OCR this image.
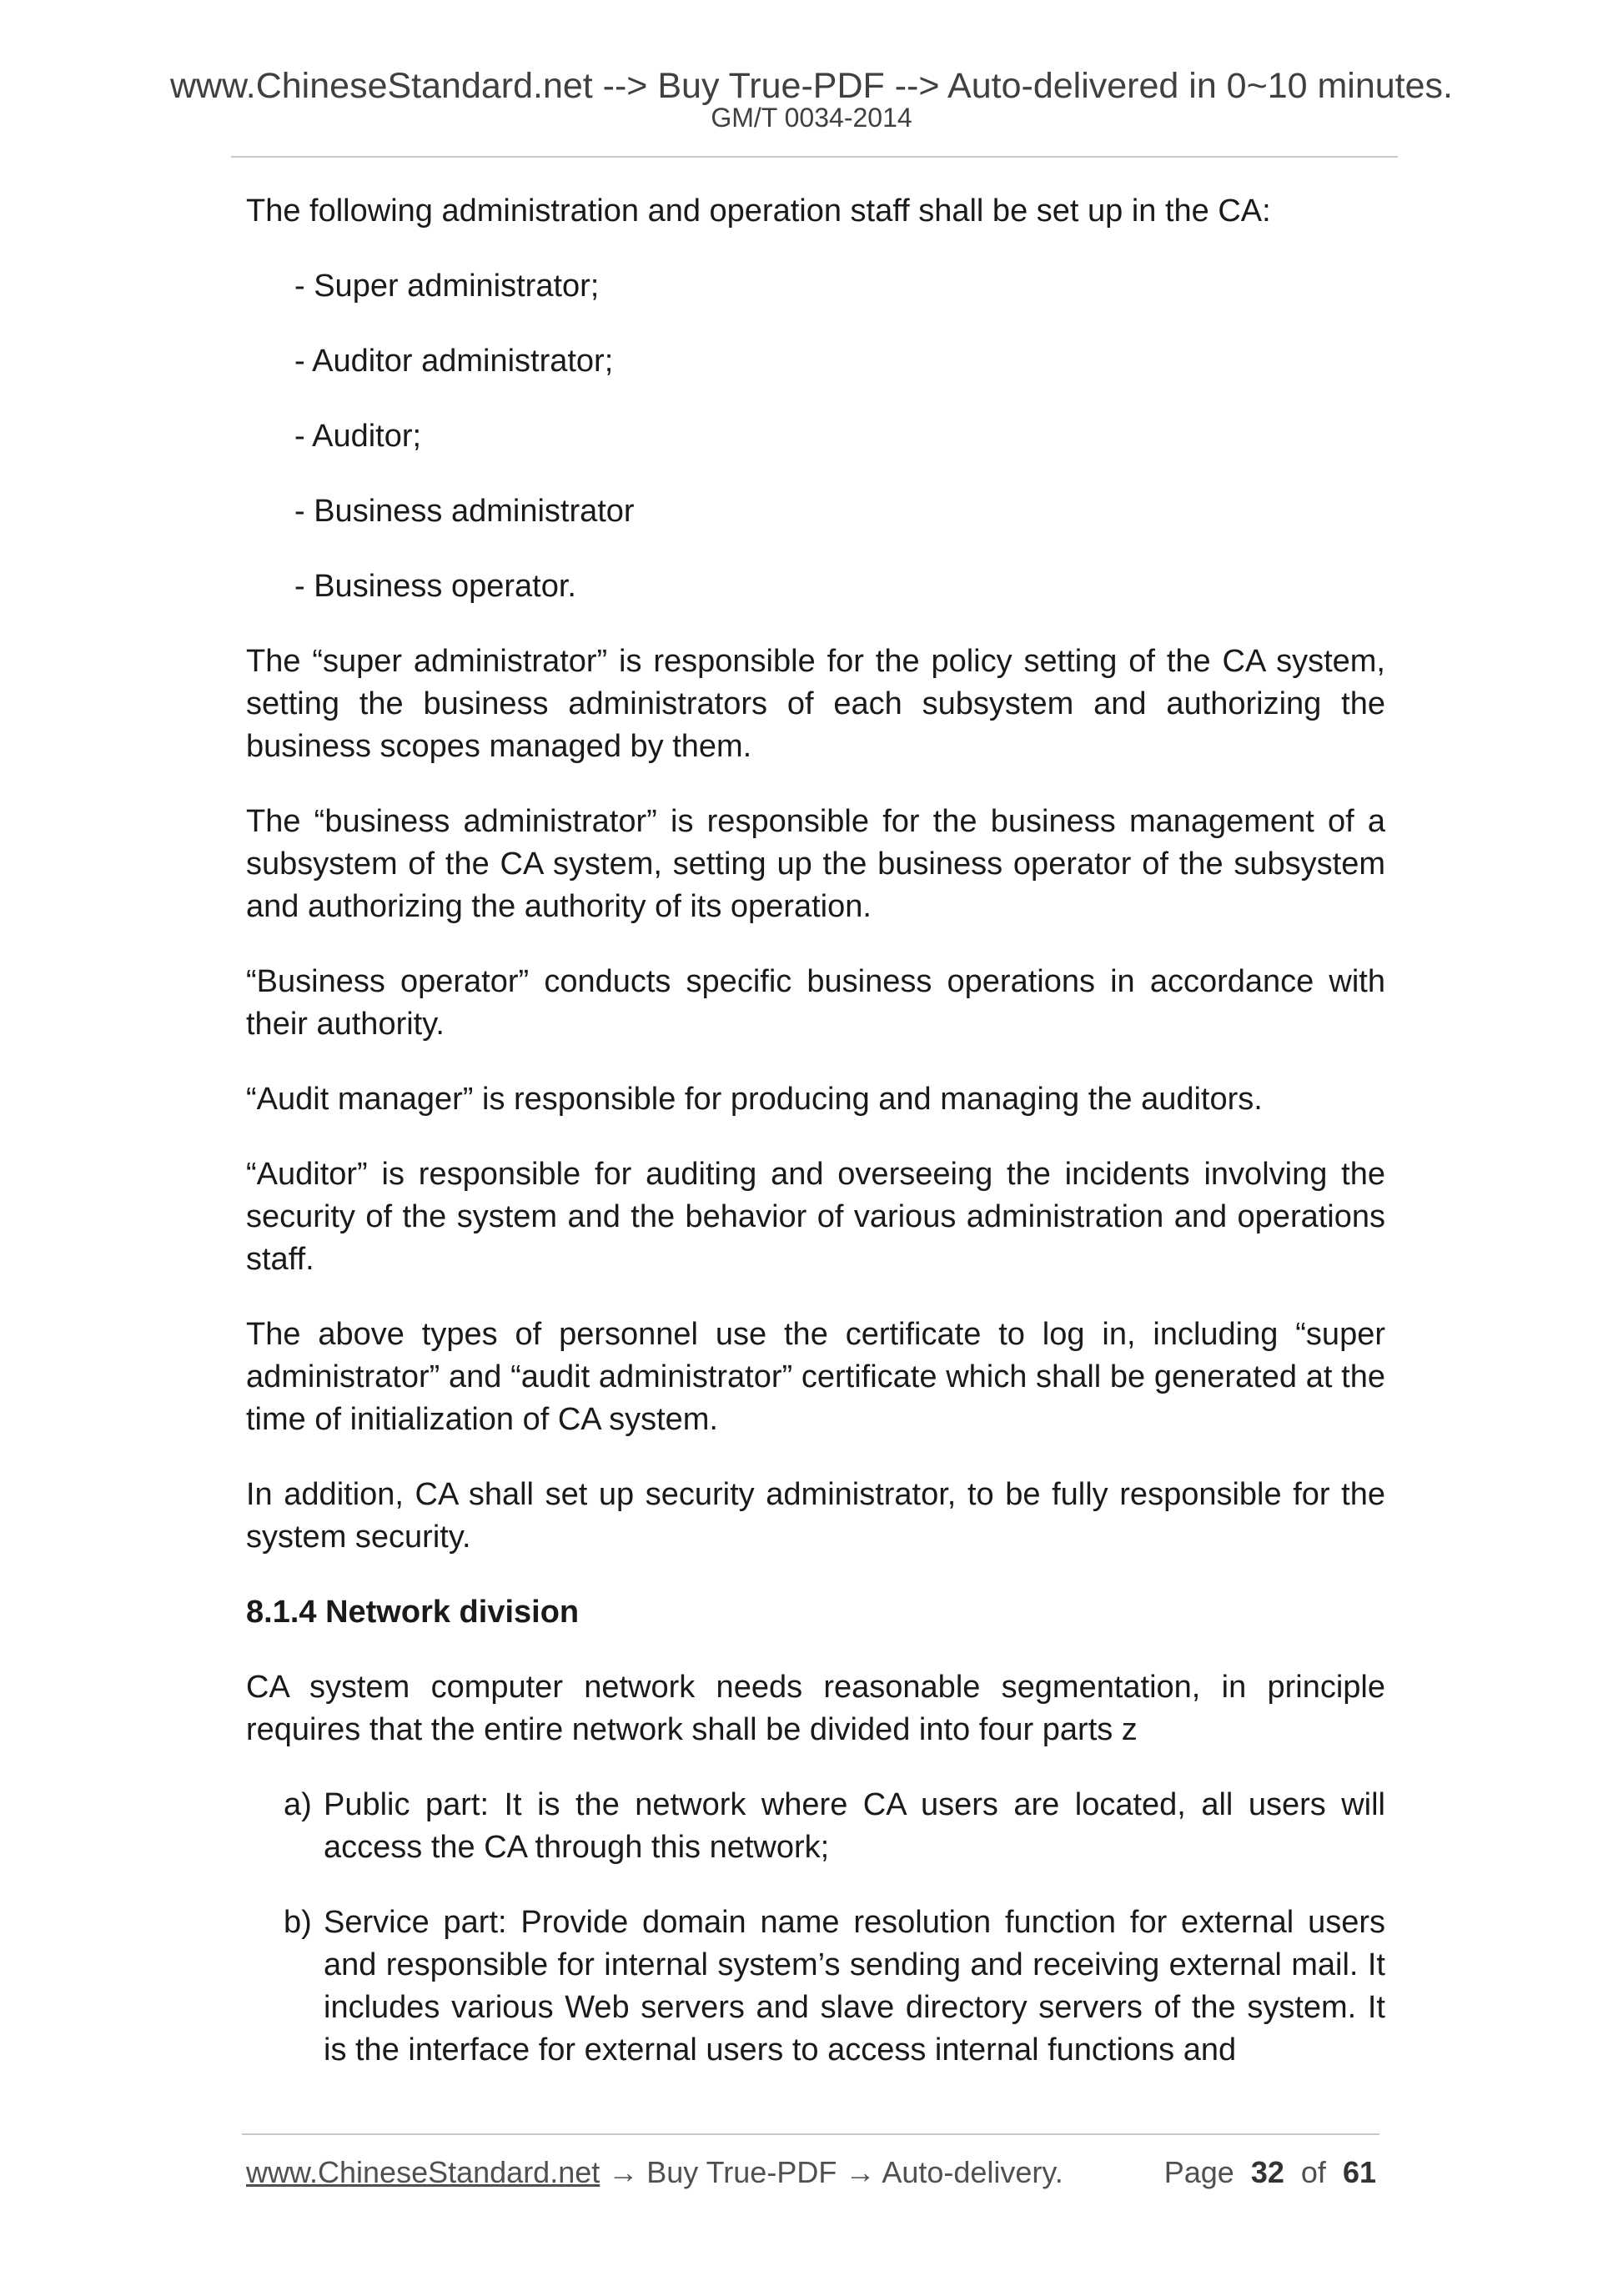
www.ChineseStandard.net --> Buy True-PDF --> Auto-delivered in 0~10 minutes.
GM/T 0034-2014

The following administration and operation staff shall be set up in the CA:

- Super administrator;
- Auditor administrator;
- Auditor;
- Business administrator
- Business operator.

The “super administrator” is responsible for the policy setting of the CA system, setting the business administrators of each subsystem and authorizing the business scopes managed by them.

The “business administrator” is responsible for the business management of a subsystem of the CA system, setting up the business operator of the subsystem and authorizing the authority of its operation.

“Business operator” conducts specific business operations in accordance with their authority.

“Audit manager” is responsible for producing and managing the auditors.

“Auditor” is responsible for auditing and overseeing the incidents involving the security of the system and the behavior of various administration and operations staff.

The above types of personnel use the certificate to log in, including “super administrator” and “audit administrator” certificate which shall be generated at the time of initialization of CA system.

In addition, CA shall set up security administrator, to be fully responsible for the system security.

8.1.4 Network division

CA system computer network needs reasonable segmentation, in principle requires that the entire network shall be divided into four parts z

a) Public part: It is the network where CA users are located, all users will access the CA through this network;
b) Service part: Provide domain name resolution function for external users and responsible for internal system’s sending and receiving external mail. It includes various Web servers and slave directory servers of the system. It is the interface for external users to access internal functions and
www.ChineseStandard.net → Buy True-PDF → Auto-delivery.	Page 32 of 61
